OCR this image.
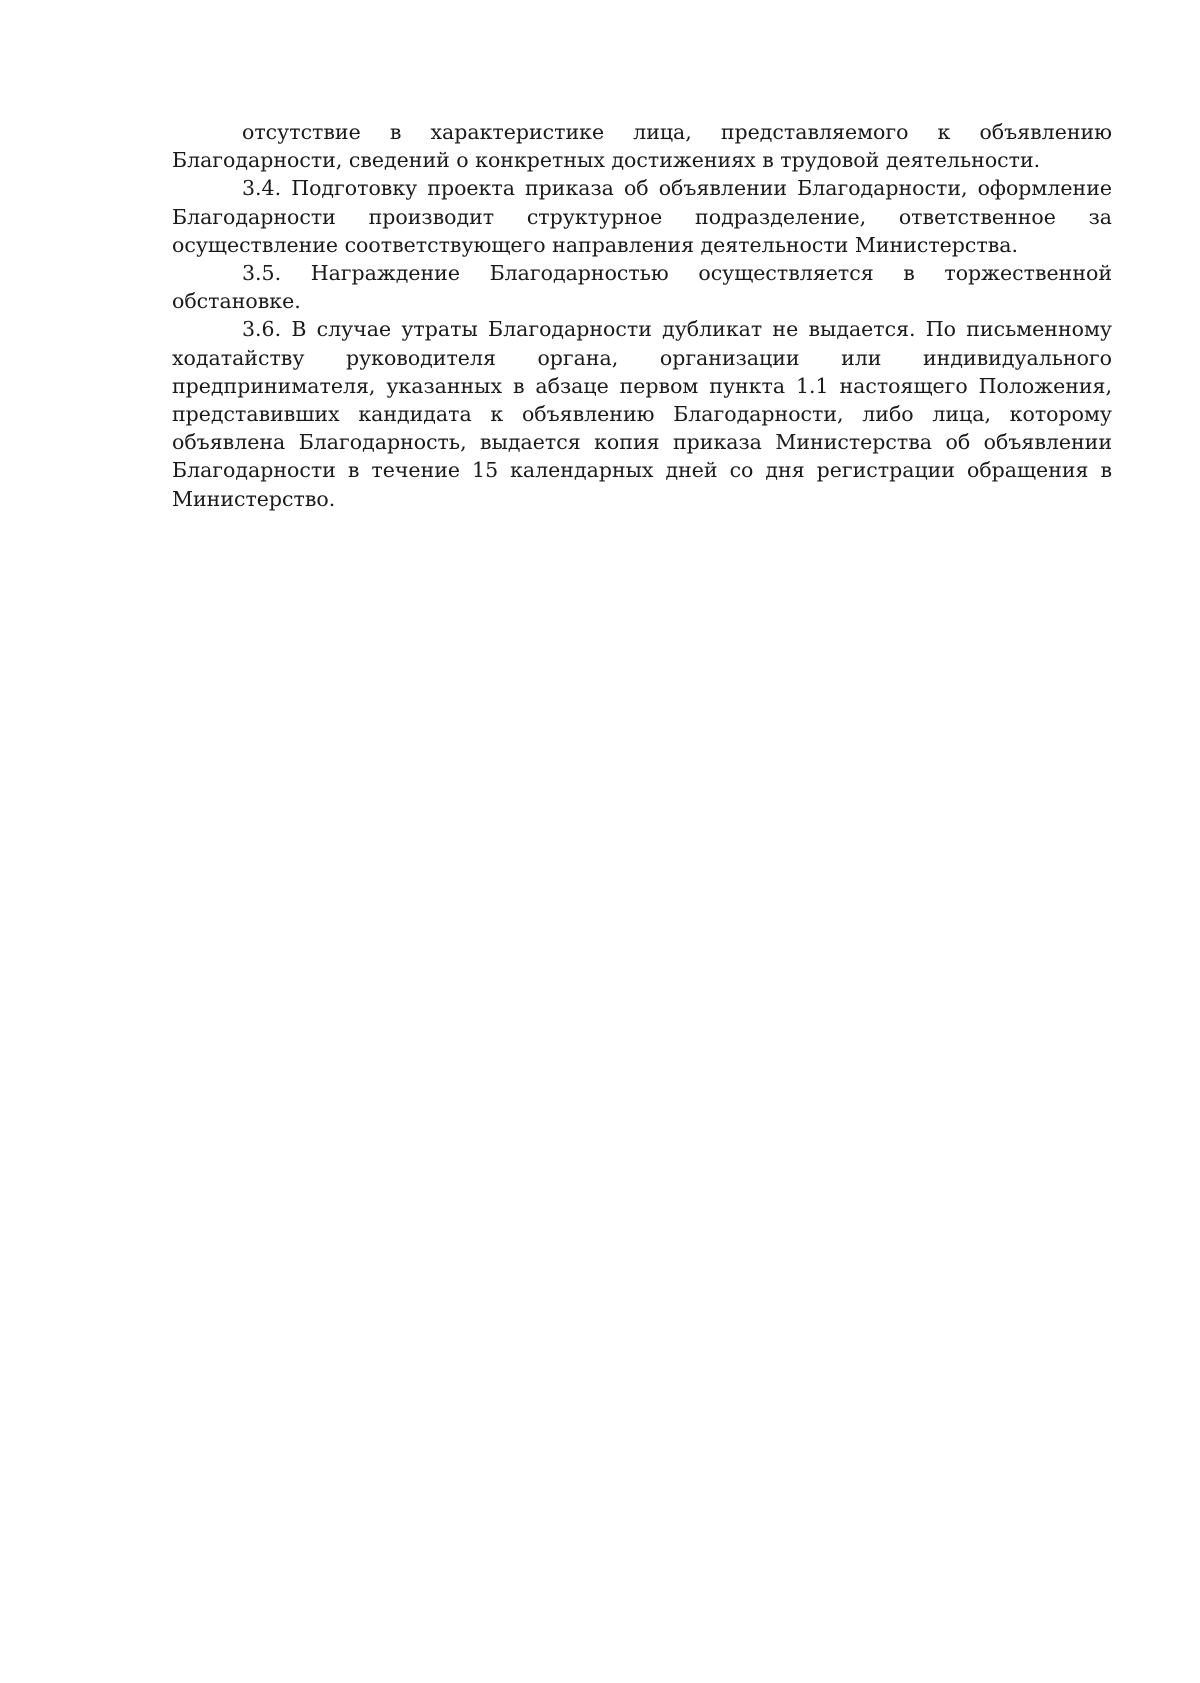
отсутствие в характеристике лица, представляемого к объявлению Благодарности, сведений о конкретных достижениях в трудовой деятельности.

3.4. Подготовку проекта приказа об объявлении Благодарности, оформление Благодарности производит структурное подразделение, ответственное за осуществление соответствующего направления деятельности Министерства.

3.5. Награждение Благодарностью осуществляется в торжественной обстановке.

3.6. В случае утраты Благодарности дубликат не выдается. По письменному ходатайству руководителя органа, организации или индивидуального предпринимателя, указанных в абзаце первом пункта 1.1 настоящего Положения, представивших кандидата к объявлению Благодарности, либо лица, которому объявлена Благодарность, выдается копия приказа Министерства об объявлении Благодарности в течение 15 календарных дней со дня регистрации обращения в Министерство.
